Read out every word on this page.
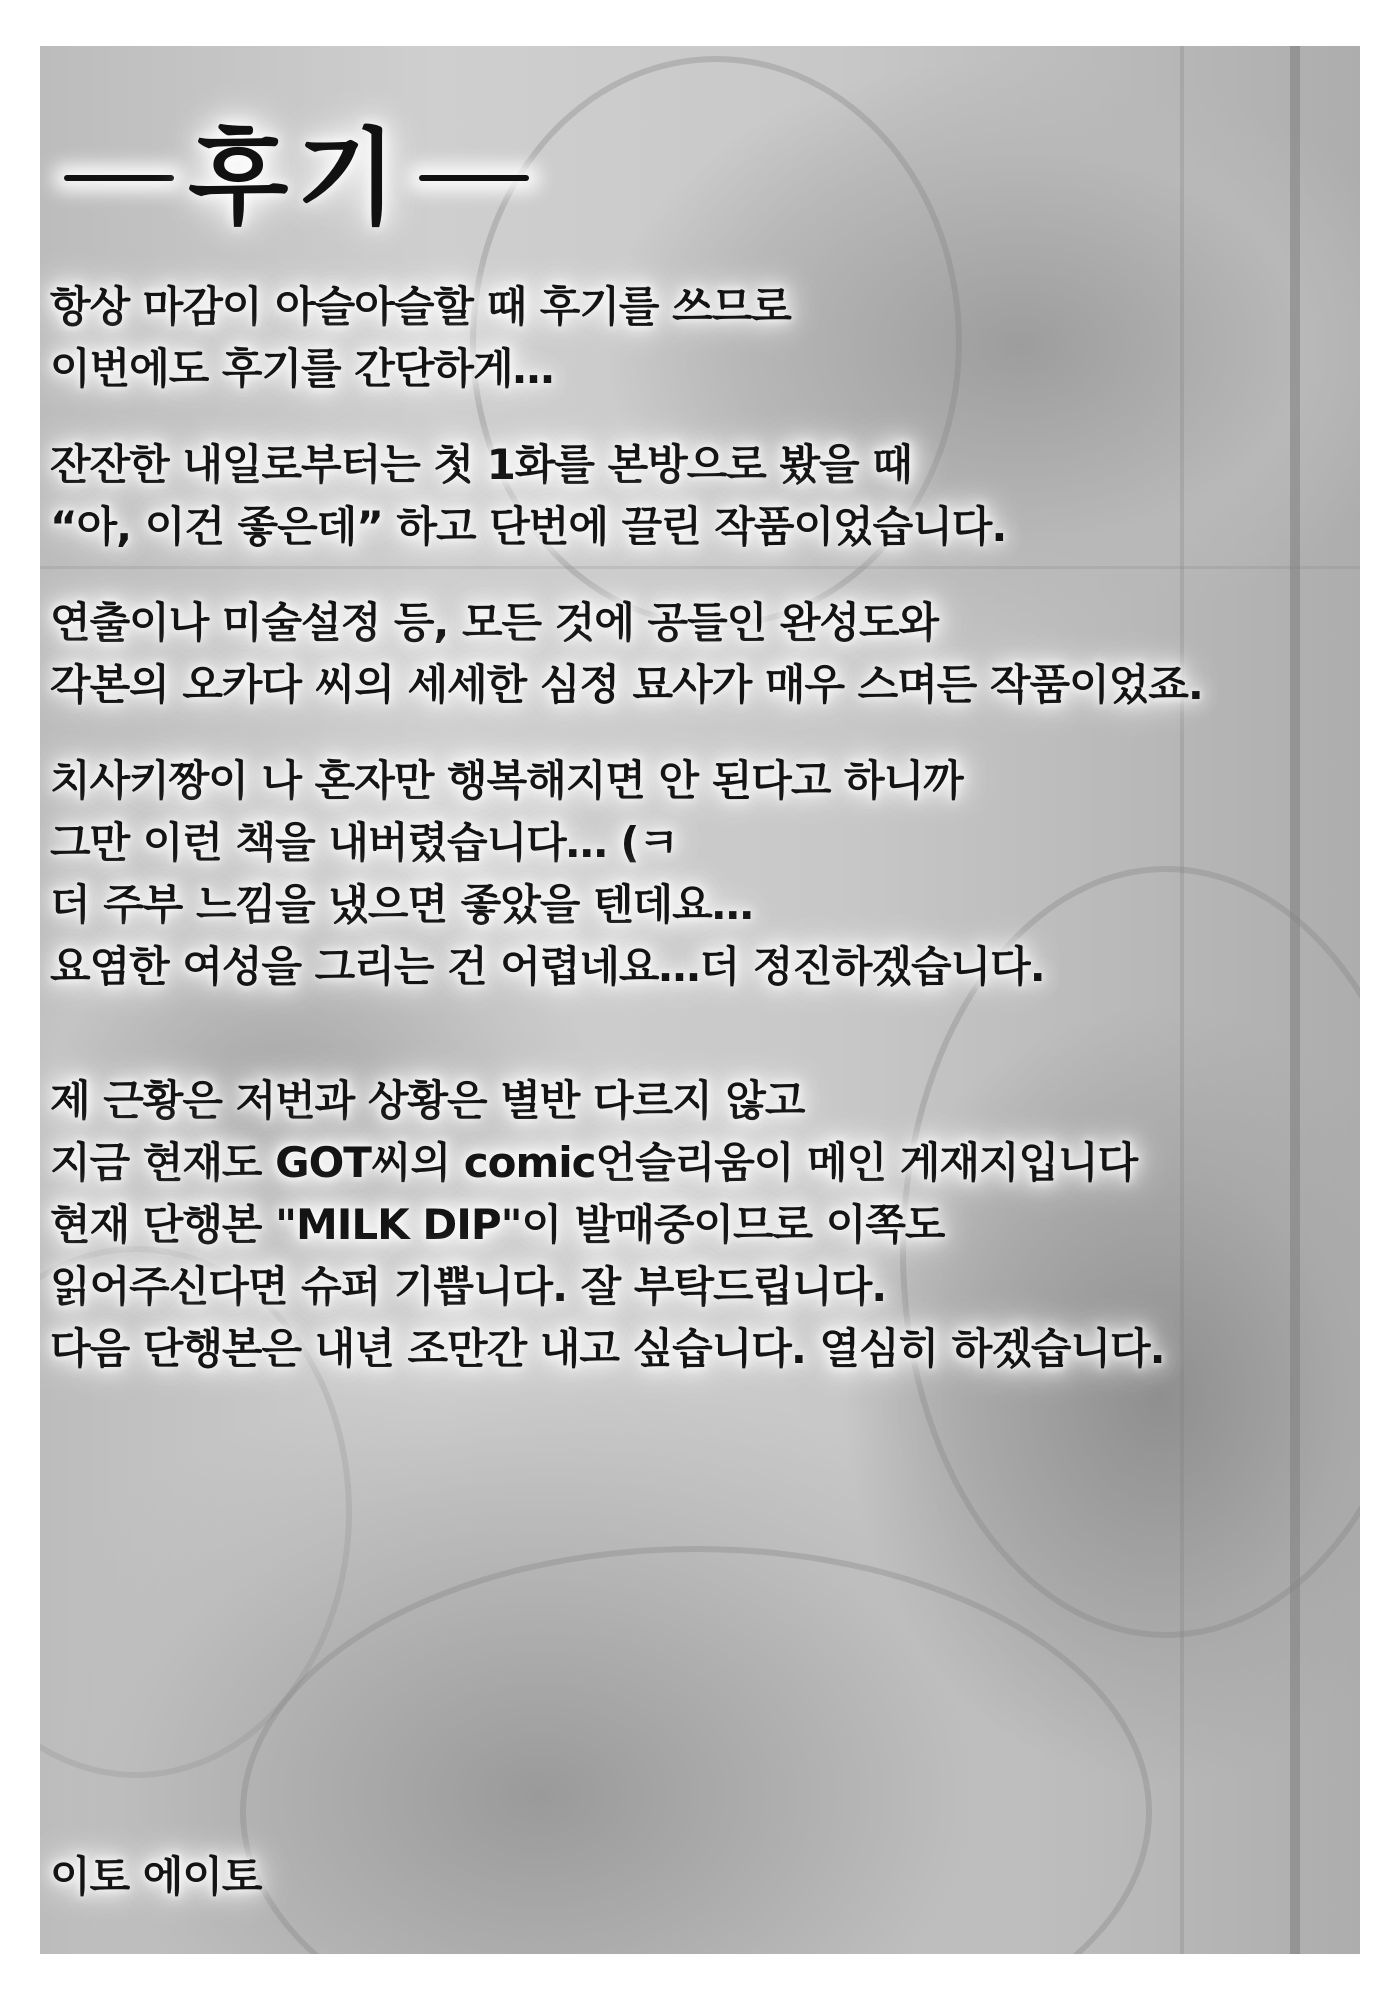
후기
항상 마감이 아슬아슬할 때 후기를 쓰므로
이번에도 후기를 간단하게…
잔잔한 내일로부터는 첫 1화를 본방으로 봤을 때
“아, 이건 좋은데” 하고 단번에 끌린 작품이었습니다.
연출이나 미술설정 등, 모든 것에 공들인 완성도와
각본의 오카다 씨의 세세한 심정 묘사가 매우 스며든 작품이었죠.
치사키짱이 나 혼자만 행복해지면 안 된다고 하니까
그만 이런 책을 내버렸습니다… (ㅋ
더 주부 느낌을 냈으면 좋았을 텐데요…
요염한 여성을 그리는 건 어렵네요…더 정진하겠습니다.
제 근황은 저번과 상황은 별반 다르지 않고
지금 현재도 GOT씨의 comic언슬리움이 메인 게재지입니다
현재 단행본 "MILK DIP"이 발매중이므로 이쪽도
읽어주신다면 슈퍼 기쁩니다. 잘 부탁드립니다.
다음 단행본은 내년 조만간 내고 싶습니다. 열심히 하겠습니다.
이토 에이토
